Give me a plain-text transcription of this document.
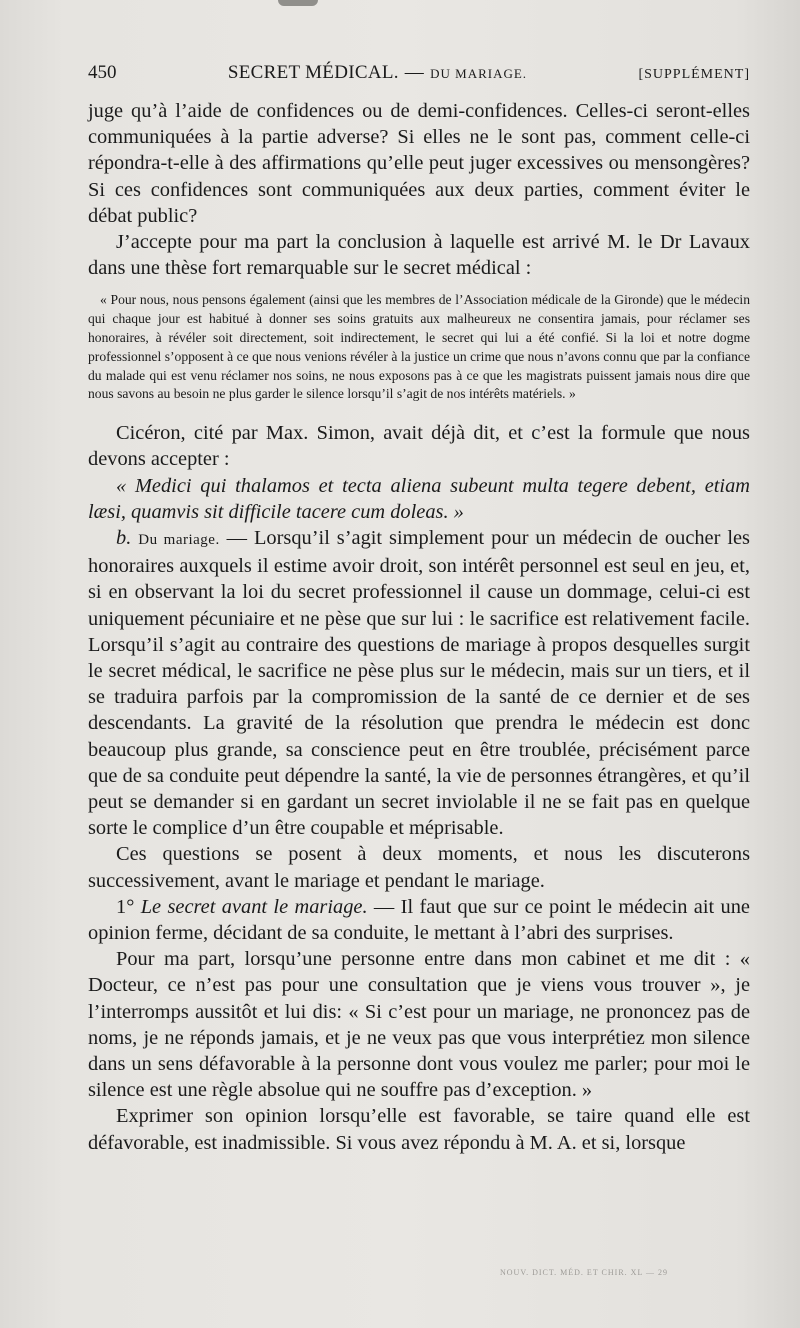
450	SECRET MÉDICAL. — DU MARIAGE.	[SUPPLÉMENT]

juge qu’à l’aide de confidences ou de demi-confidences. Celles-ci seront-elles communiquées à la partie adverse? Si elles ne le sont pas, comment celle-ci répondra-t-elle à des affirmations qu’elle peut juger excessives ou mensongères? Si ces confidences sont communiquées aux deux parties, comment éviter le débat public?

J’accepte pour ma part la conclusion à laquelle est arrivé M. le Dr Lavaux dans une thèse fort remarquable sur le secret médical :

« Pour nous, nous pensons également (ainsi que les membres de l’Association médicale de la Gironde) que le médecin qui chaque jour est habitué à donner ses soins gratuits aux malheureux ne consentira jamais, pour réclamer ses honoraires, à révéler soit directement, soit indirectement, le secret qui lui a été confié. Si la loi et notre dogme professionnel s’opposent à ce que nous venions révéler à la justice un crime que nous n’avons connu que par la confiance du malade qui est venu réclamer nos soins, ne nous exposons pas à ce que les magistrats puissent jamais nous dire que nous savons au besoin ne plus garder le silence lorsqu’il s’agit de nos intérêts matériels. »

Cicéron, cité par Max. Simon, avait déjà dit, et c’est la formule que nous devons accepter :

« Medici qui thalamos et tecta aliena subeunt multa tegere debent, etiam læsi, quamvis sit difficile tacere cum doleas. »

b. Du mariage. — Lorsqu’il s’agit simplement pour un médecin de oucher les honoraires auxquels il estime avoir droit, son intérêt personnel est seul en jeu, et, si en observant la loi du secret professionnel il cause un dommage, celui-ci est uniquement pécuniaire et ne pèse que sur lui : le sacrifice est relativement facile. Lorsqu’il s’agit au contraire des questions de mariage à propos desquelles surgit le secret médical, le sacrifice ne pèse plus sur le médecin, mais sur un tiers, et il se traduira parfois par la compromission de la santé de ce dernier et de ses descendants. La gravité de la résolution que prendra le médecin est donc beaucoup plus grande, sa conscience peut en être troublée, précisément parce que de sa conduite peut dépendre la santé, la vie de personnes étrangères, et qu’il peut se demander si en gardant un secret inviolable il ne se fait pas en quelque sorte le complice d’un être coupable et méprisable.

Ces questions se posent à deux moments, et nous les discuterons successivement, avant le mariage et pendant le mariage.

1° Le secret avant le mariage. — Il faut que sur ce point le médecin ait une opinion ferme, décidant de sa conduite, le mettant à l’abri des surprises.

Pour ma part, lorsqu’une personne entre dans mon cabinet et me dit : « Docteur, ce n’est pas pour une consultation que je viens vous trouver », je l’interromps aussitôt et lui dis: « Si c’est pour un mariage, ne prononcez pas de noms, je ne réponds jamais, et je ne veux pas que vous interprétiez mon silence dans un sens défavorable à la personne dont vous voulez me parler; pour moi le silence est une règle absolue qui ne souffre pas d’exception. »

Exprimer son opinion lorsqu’elle est favorable, se taire quand elle est défavorable, est inadmissible. Si vous avez répondu à M. A. et si, lorsque

NOUV. DICT. MÉD. ET CHIR. XL — 29
